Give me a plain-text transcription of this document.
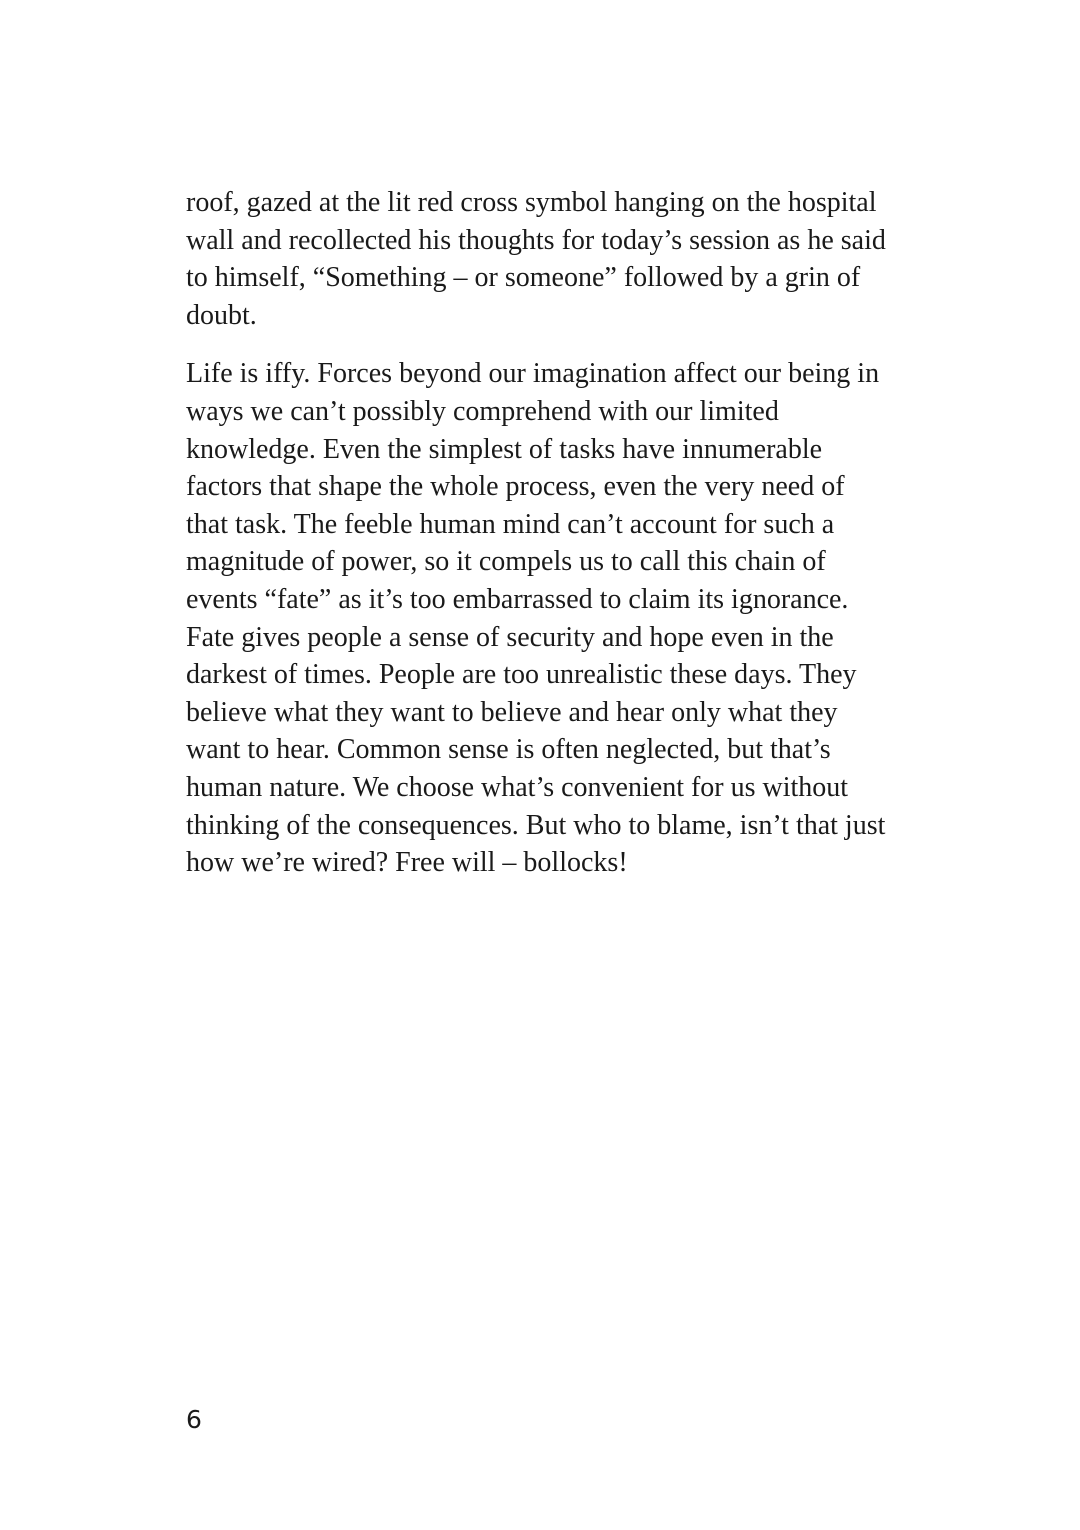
roof, gazed at the lit red cross symbol hanging on the hospital
wall and recollected his thoughts for today’s session as he said
to himself, “Something – or someone” followed by a grin of
doubt.

Life is iffy. Forces beyond our imagination affect our being in
ways we can’t possibly comprehend with our limited
knowledge. Even the simplest of tasks have innumerable
factors that shape the whole process, even the very need of
that task. The feeble human mind can’t account for such a
magnitude of power, so it compels us to call this chain of
events “fate” as it’s too embarrassed to claim its ignorance.
Fate gives people a sense of security and hope even in the
darkest of times. People are too unrealistic these days. They
believe what they want to believe and hear only what they
want to hear. Common sense is often neglected, but that’s
human nature. We choose what’s convenient for us without
thinking of the consequences. But who to blame, isn’t that just
how we’re wired? Free will – bollocks!

6
